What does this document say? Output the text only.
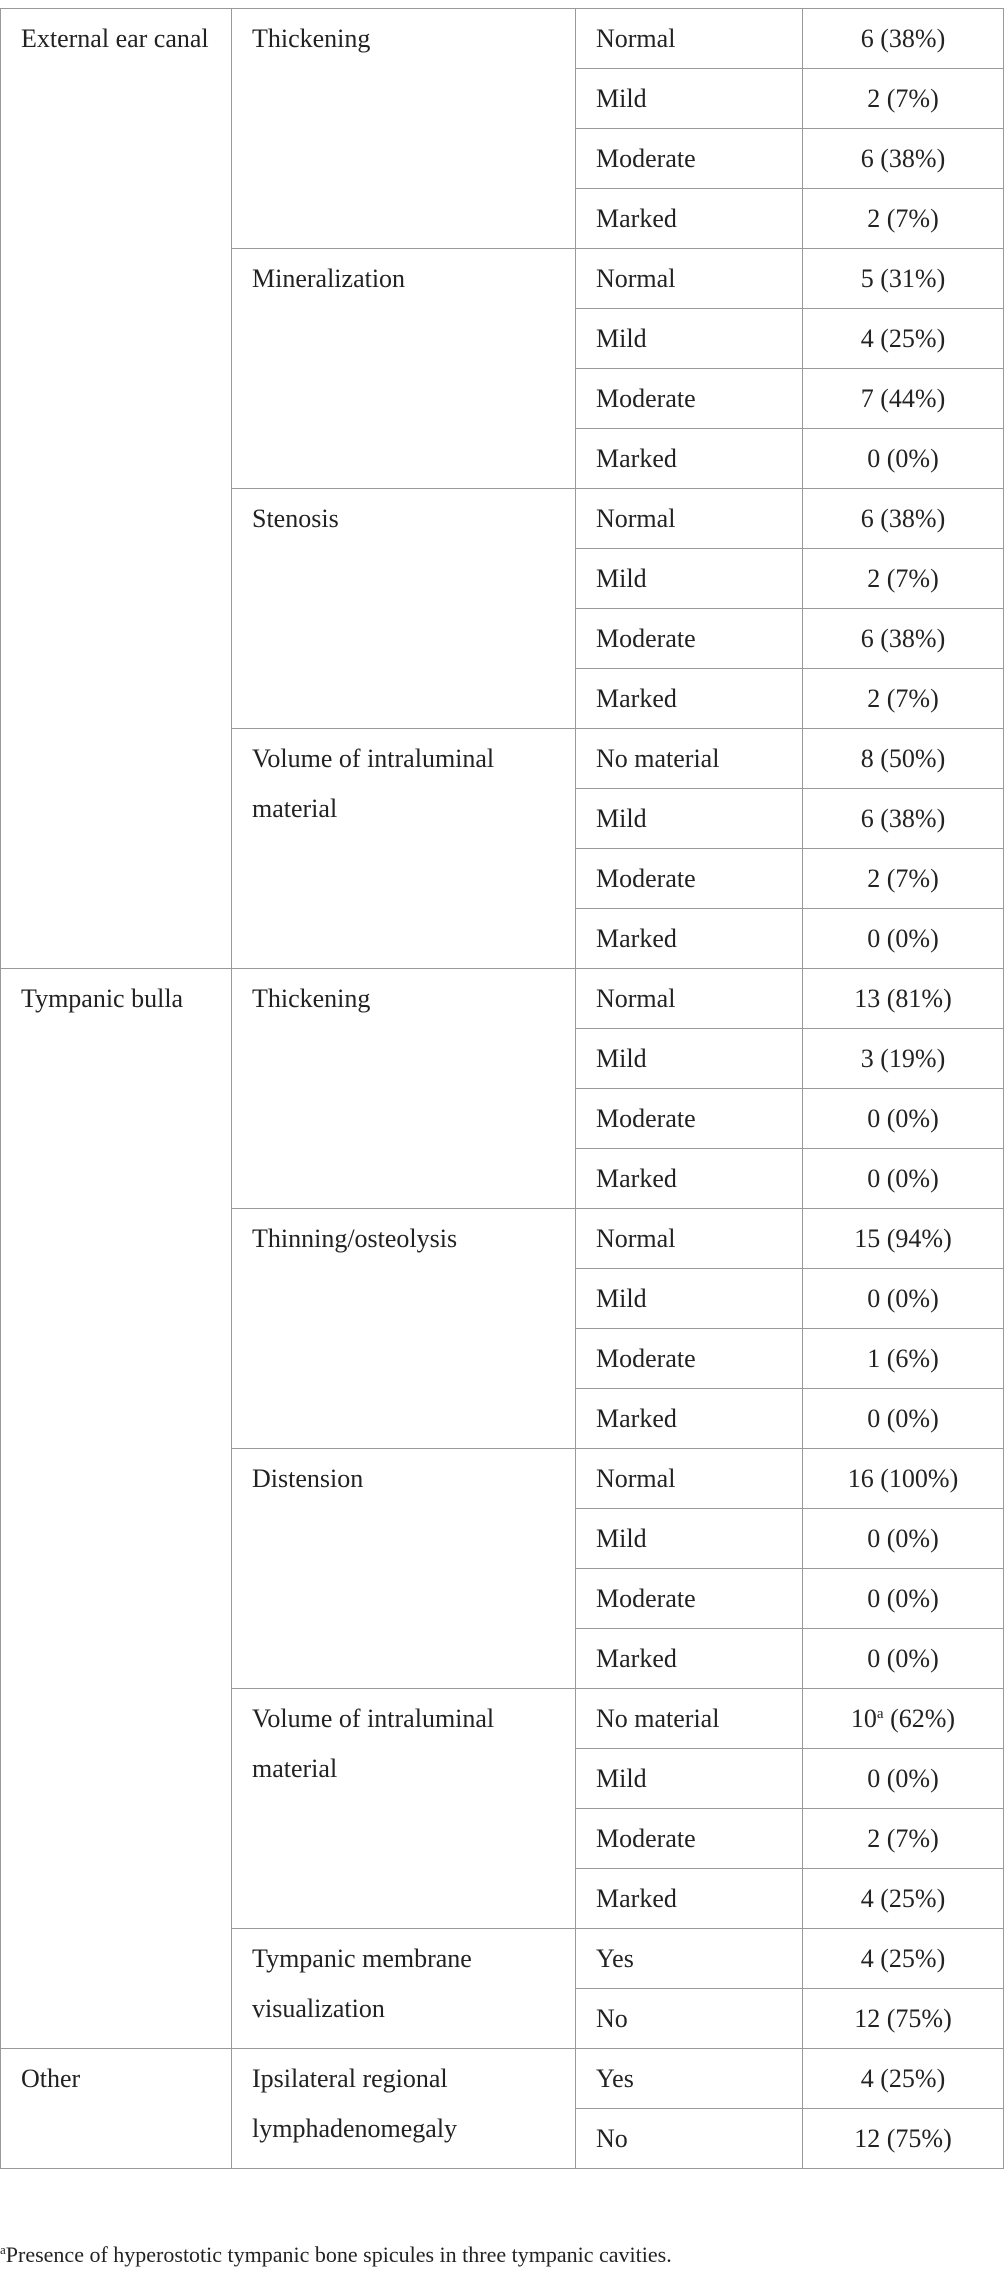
External ear canal	Thickening	Normal	6 (38%)
		Mild	2 (7%)
		Moderate	6 (38%)
		Marked	2 (7%)
	Mineralization	Normal	5 (31%)
		Mild	4 (25%)
		Moderate	7 (44%)
		Marked	0 (0%)
	Stenosis	Normal	6 (38%)
		Mild	2 (7%)
		Moderate	6 (38%)
		Marked	2 (7%)
	Volume of intraluminal material	No material	8 (50%)
		Mild	6 (38%)
		Moderate	2 (7%)
		Marked	0 (0%)
Tympanic bulla	Thickening	Normal	13 (81%)
		Mild	3 (19%)
		Moderate	0 (0%)
		Marked	0 (0%)
	Thinning/osteolysis	Normal	15 (94%)
		Mild	0 (0%)
		Moderate	1 (6%)
		Marked	0 (0%)
	Distension	Normal	16 (100%)
		Mild	0 (0%)
		Moderate	0 (0%)
		Marked	0 (0%)
	Volume of intraluminal material	No material	10$^a$ (62%)
		Mild	0 (0%)
		Moderate	2 (7%)
		Marked	4 (25%)
	Tympanic membrane visualization	Yes	4 (25%)
		No	12 (75%)
Other	Ipsilateral regional lymphadenomegaly	Yes	4 (25%)
		No	12 (75%)
$^a$Presence of hyperostotic tympanic bone spicules in three tympanic cavities.
